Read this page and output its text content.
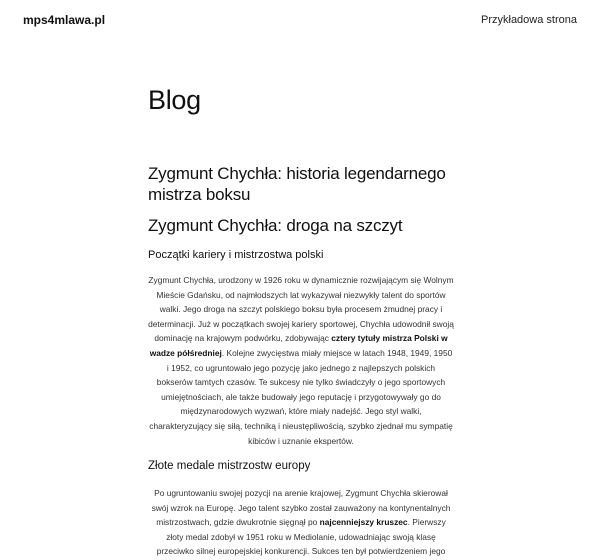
mps4mlawa.pl	Przykładowa strona
Blog
Zygmunt Chychła: historia legendarnego mistrza boksu
Zygmunt Chychła: droga na szczyt
Początki kariery i mistrzostwa polski

Zygmunt Chychła, urodzony w 1926 roku w dynamicznie rozwijającym się Wolnym Mieście Gdańsku, od najmłodszych lat wykazywał niezwykły talent do sportów walki. Jego droga na szczyt polskiego boksu była procesem żmudnej pracy i determinacji. Już w początkach swojej kariery sportowej, Chychła udowodnił swoją dominację na krajowym podwórku, zdobywając cztery tytuły mistrza Polski w wadze półśredniej. Kolejne zwycięstwa miały miejsce w latach 1948, 1949, 1950 i 1952, co ugruntowało jego pozycję jako jednego z najlepszych polskich bokserów tamtych czasów. Te sukcesy nie tylko świadczyły o jego sportowych umiejętnościach, ale także budowały jego reputację i przygotowywały go do międzynarodowych wyzwań, które miały nadejść. Jego styl walki, charakteryzujący się siłą, techniką i nieustępliwością, szybko zjednał mu sympatię kibiców i uznanie ekspertów.

Złote medale mistrzostw europy

Po ugruntowaniu swojej pozycji na arenie krajowej, Zygmunt Chychła skierował swój wzrok na Europę. Jego talent szybko został zauważony na kontynentalnych mistrzostwach, gdzie dwukrotnie sięgnął po najcenniejszy kruszec. Pierwszy złoty medal zdobył w 1951 roku w Mediolanie, udowadniając swoją klasę przeciwko silnej europejskiej konkurencji. Sukces ten był potwierdzeniem jego
